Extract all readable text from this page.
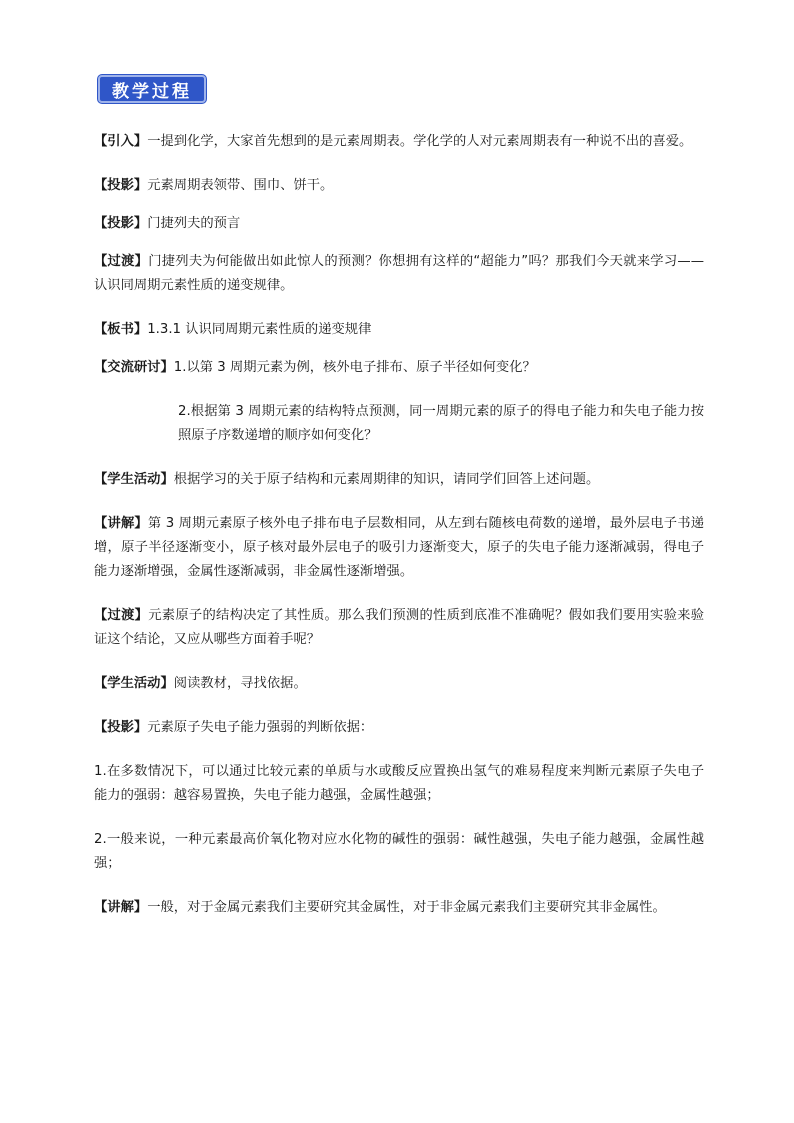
教学过程

【引入】一提到化学，大家首先想到的是元素周期表。学化学的人对元素周期表有一种说不出的喜爱。

【投影】元素周期表领带、围巾、饼干。

【投影】门捷列夫的预言

【过渡】门捷列夫为何能做出如此惊人的预测？你想拥有这样的“超能力”吗？那我们今天就来学习——认识同周期元素性质的递变规律。

【板书】1.3.1 认识同周期元素性质的递变规律

【交流研讨】1.以第 3 周期元素为例，核外电子排布、原子半径如何变化？

2.根据第 3 周期元素的结构特点预测，同一周期元素的原子的得电子能力和失电子能力按照原子序数递增的顺序如何变化？

【学生活动】根据学习的关于原子结构和元素周期律的知识，请同学们回答上述问题。

【讲解】第 3 周期元素原子核外电子排布电子层数相同，从左到右随核电荷数的递增，最外层电子书递增，原子半径逐渐变小，原子核对最外层电子的吸引力逐渐变大，原子的失电子能力逐渐减弱，得电子能力逐渐增强，金属性逐渐减弱，非金属性逐渐增强。

【过渡】元素原子的结构决定了其性质。那么我们预测的性质到底准不准确呢？假如我们要用实验来验证这个结论，又应从哪些方面着手呢？

【学生活动】阅读教材，寻找依据。

【投影】元素原子失电子能力强弱的判断依据：

1.在多数情况下，可以通过比较元素的单质与水或酸反应置换出氢气的难易程度来判断元素原子失电子能力的强弱：越容易置换，失电子能力越强，金属性越强；

2.一般来说，一种元素最高价氧化物对应水化物的碱性的强弱：碱性越强，失电子能力越强，金属性越强；

【讲解】一般，对于金属元素我们主要研究其金属性，对于非金属元素我们主要研究其非金属性。
